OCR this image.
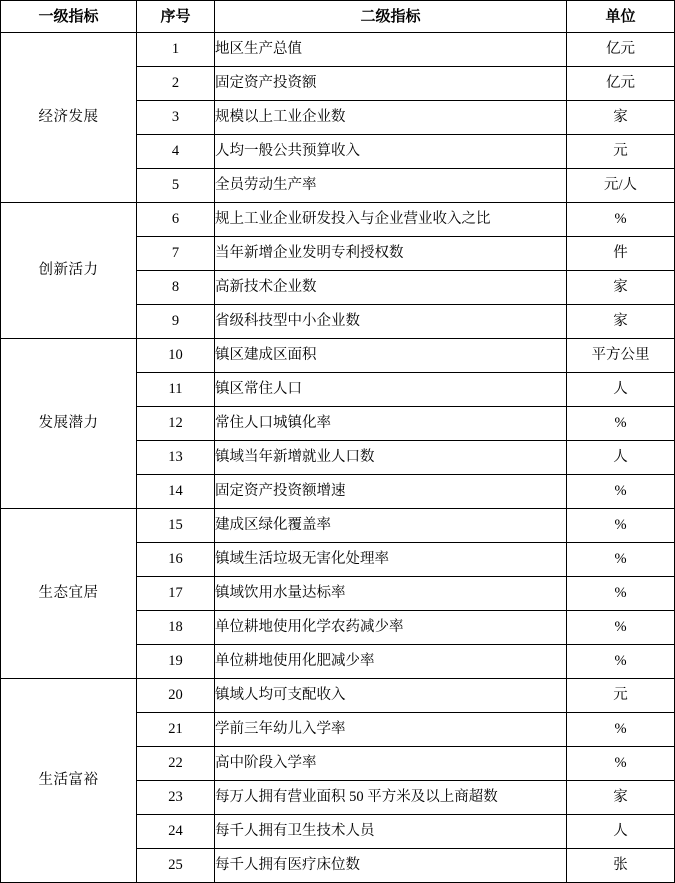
一级指标	序号	二级指标	单位
经济发展	1	地区生产总值	亿元
	2	固定资产投资额	亿元
	3	规模以上工业企业数	家
	4	人均一般公共预算收入	元
	5	全员劳动生产率	元/人
创新活力	6	规上工业企业研发投入与企业营业收入之比	%
	7	当年新增企业发明专利授权数	件
	8	高新技术企业数	家
	9	省级科技型中小企业数	家
发展潜力	10	镇区建成区面积	平方公里
	11	镇区常住人口	人
	12	常住人口城镇化率	%
	13	镇域当年新增就业人口数	人
	14	固定资产投资额增速	%
生态宜居	15	建成区绿化覆盖率	%
	16	镇域生活垃圾无害化处理率	%
	17	镇域饮用水量达标率	%
	18	单位耕地使用化学农药减少率	%
	19	单位耕地使用化肥减少率	%
生活富裕	20	镇域人均可支配收入	元
	21	学前三年幼儿入学率	%
	22	高中阶段入学率	%
	23	每万人拥有营业面积 50 平方米及以上商超数	家
	24	每千人拥有卫生技术人员	人
	25	每千人拥有医疗床位数	张
